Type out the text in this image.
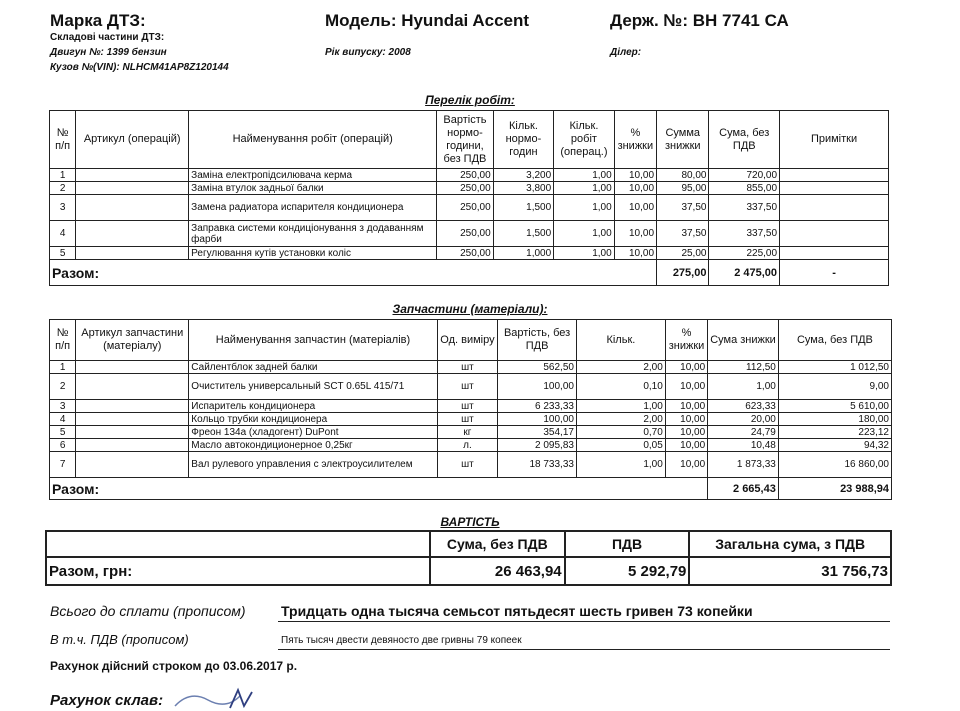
Марка ДТЗ:	Модель: Hyundai Accent	Держ. №: ВН 7741 СА
Складові частини ДТЗ:
Двигун №: 1399 бензин	Рік випуску: 2008	Ділер:
Кузов №(VIN): NLHCM41AP8Z120144
Перелік робіт:
№ п/п	Артикул (операцій)	Найменування робіт (операцій)	Вартість нормо-години, без ПДВ	Кільк. нормо-годин	Кільк. робіт (операц.)	% знижки	Сумма знижки	Сума, без ПДВ	Примітки
1		Заміна електропідсилювача керма	250,00	3,200	1,00	10,00	80,00	720,00	
2		Заміна втулок задньої балки	250,00	3,800	1,00	10,00	95,00	855,00	
3		Замена радиатора испарителя кондиционера	250,00	1,500	1,00	10,00	37,50	337,50	
4		Заправка системи кондиціонування з додаванням фарби	250,00	1,500	1,00	10,00	37,50	337,50	
5		Регулювання кутів установки коліс	250,00	1,000	1,00	10,00	25,00	225,00	
Разом:							275,00	2 475,00	-
Запчастини (матеріали):
№ п/п	Артикул запчастини (матеріалу)	Найменування запчастин (матеріалів)	Од. виміру	Вартість, без ПДВ	Кільк.	% знижки	Сума знижки	Сума, без ПДВ
1		Сайлентблок задней балки	шт	562,50	2,00	10,00	112,50	1 012,50
2		Очиститель универсальный SCT 0.65L 415/71	шт	100,00	0,10	10,00	1,00	9,00
3		Испаритель кондиционера	шт	6 233,33	1,00	10,00	623,33	5 610,00
4		Кольцо трубки кондиционера	шт	100,00	2,00	10,00	20,00	180,00
5		Фреон 134а (хладогент) DuPont	кг	354,17	0,70	10,00	24,79	223,12
6		Масло автокондиционерное 0,25кг	л.	2 095,83	0,05	10,00	10,48	94,32
7		Вал рулевого управления с электроусилителем	шт	18 733,33	1,00	10,00	1 873,33	16 860,00
Разом:							2 665,43	23 988,94
ВАРТІСТЬ
	Сума, без ПДВ	ПДВ	Загальна сума, з ПДВ
Разом, грн:	26 463,94	5 292,79	31 756,73
Всього до сплати (прописом)	Тридцать одна тысяча семьсот пятьдесят шесть гривен 73 копейки
В т.ч. ПДВ (прописом)	Пять тысяч двести девяносто две гривны 79 копеек
Рахунок дійсний строком до 03.06.2017 р.
Рахунок склав:
